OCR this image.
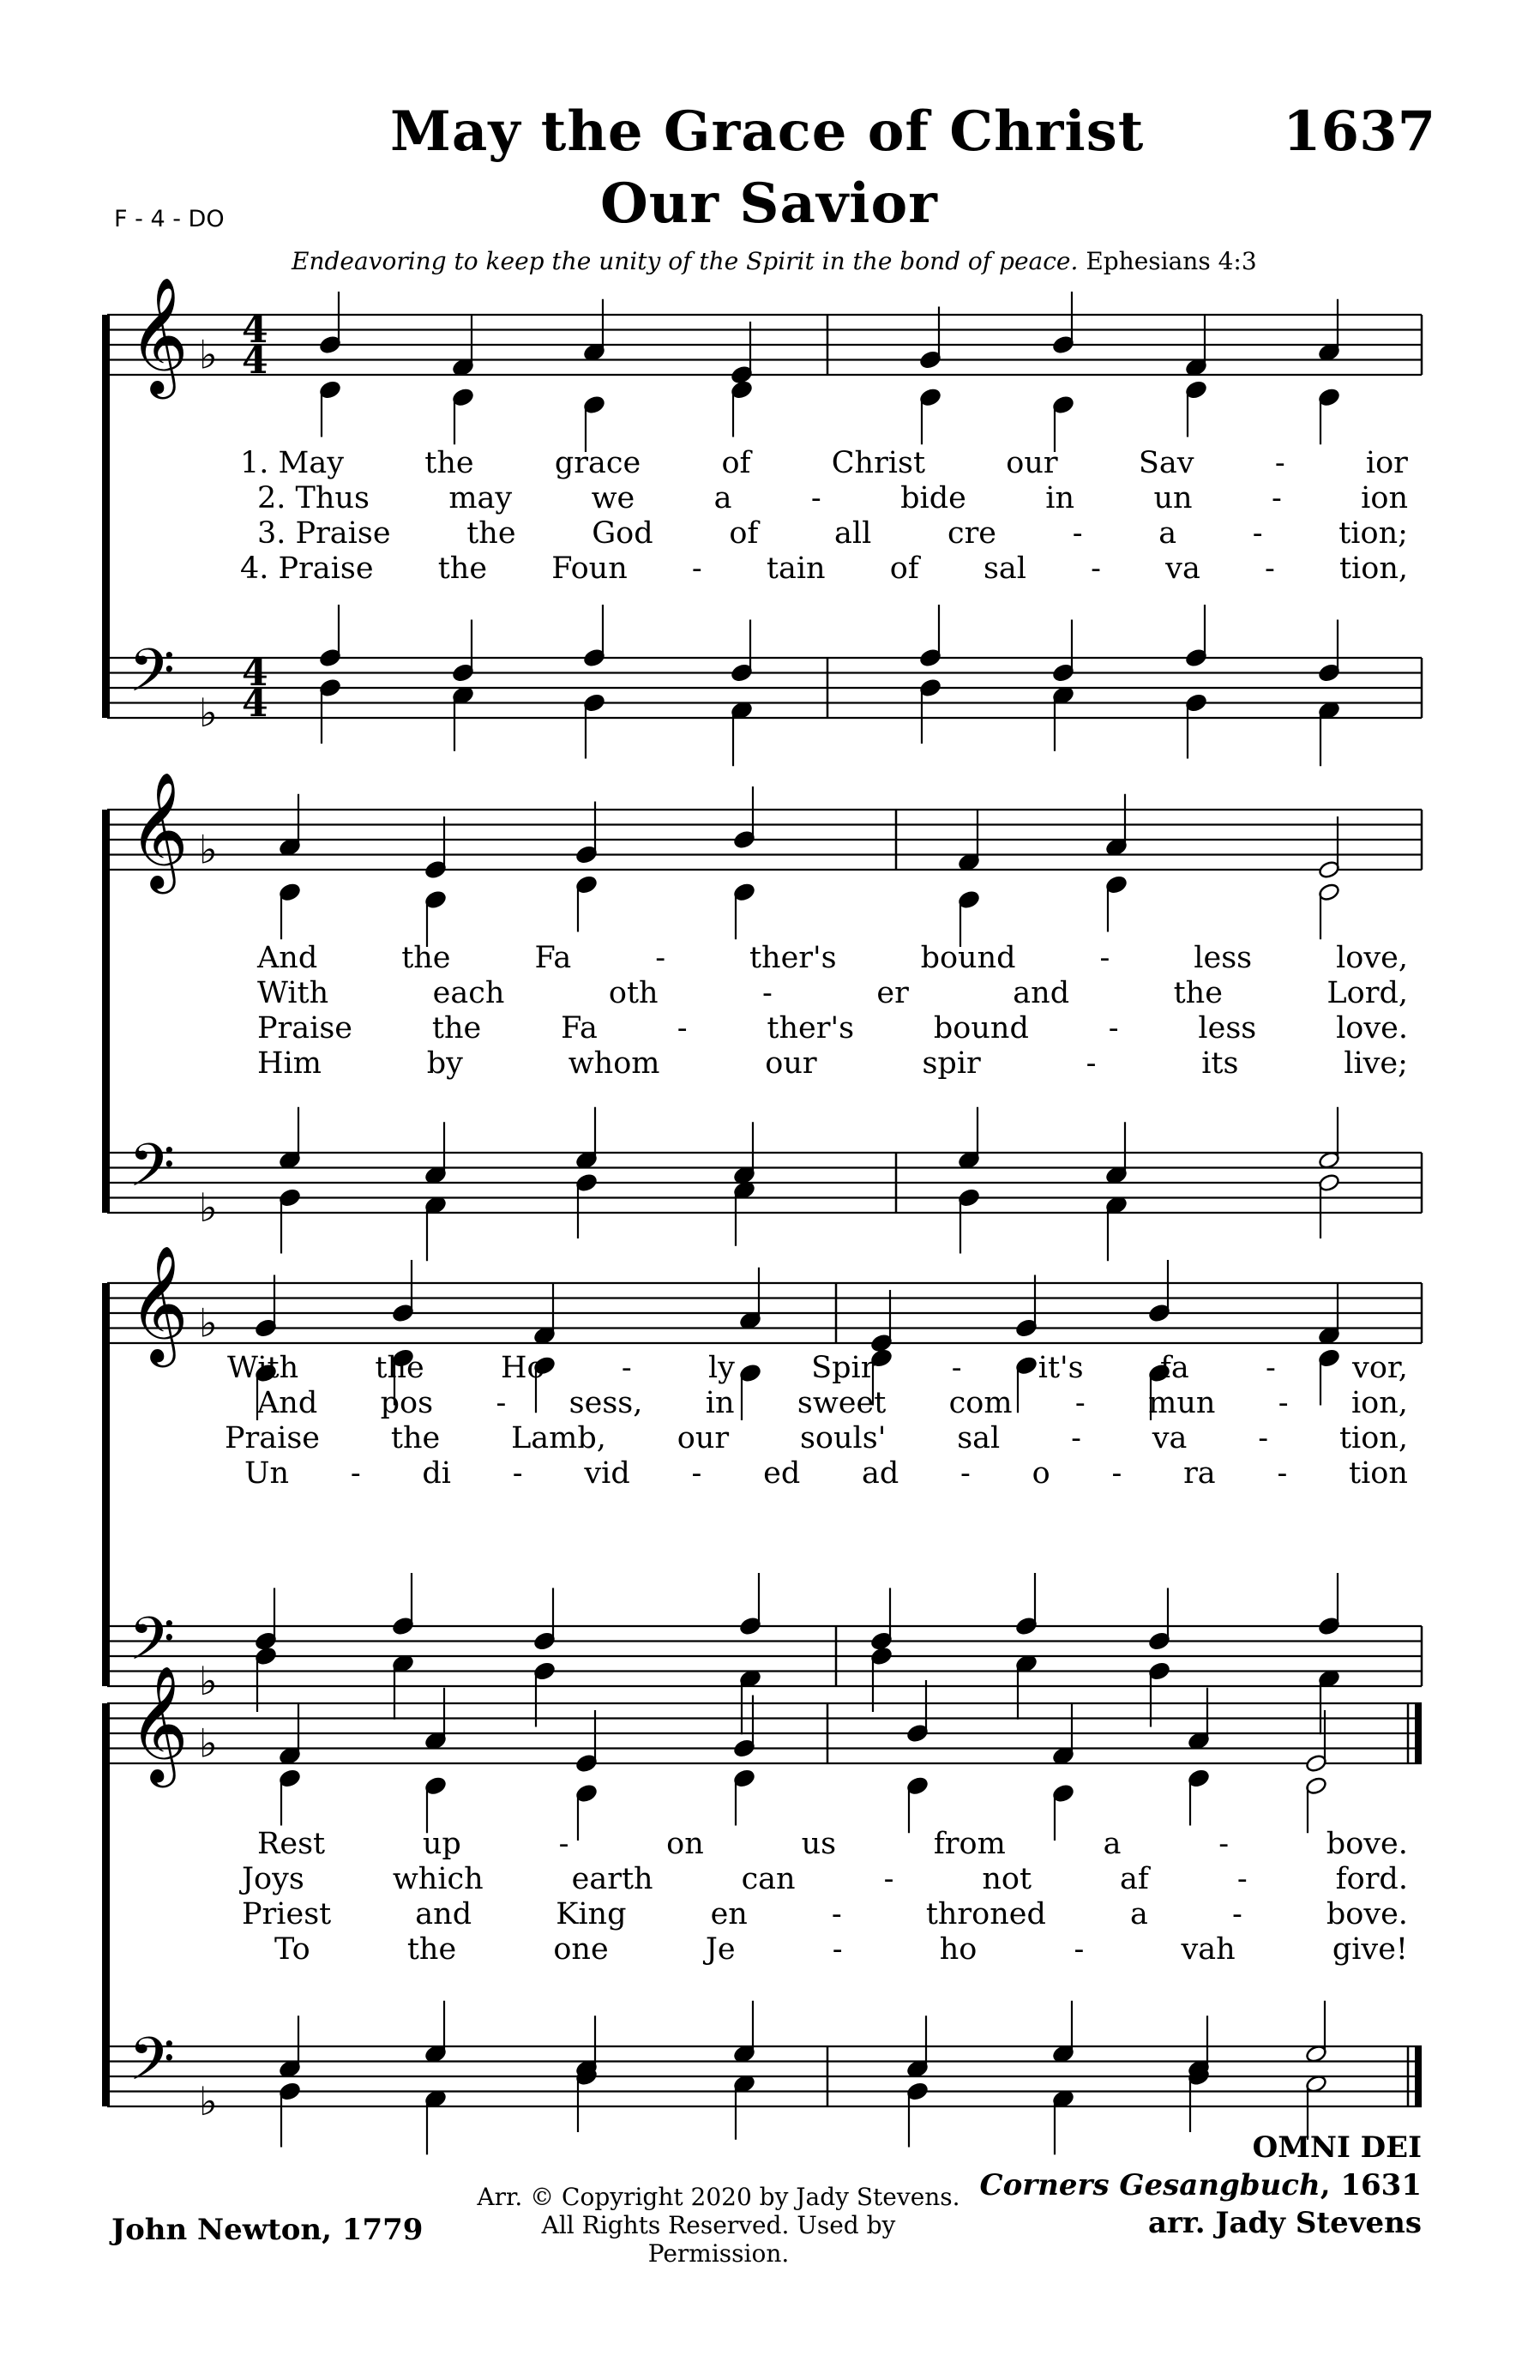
F - 4 - DO
May the Grace of Christ
Our Savior
1637
Endeavoring to keep the unity of the Spirit in the bond of peace. Ephesians 4:3
𝄞
𝄢
♭
♭
4
4
4
4
𝄞
𝄢
♭
♭
𝄞
𝄢
♭
♭
𝄞
𝄢
♭
♭
1. May	the	grace	of	Christ	our	Sav	-	ior
2. Thus	may	we	a	-	bide	in	un	-	ion
3. Praise	the	God	of	all	cre	-	a	-	tion;
4. Praise the Foun - tain of sal - va - tion,
And	the	Fa	-	ther's	bound	-	less	love,
With	each	oth	-	er	and	the	Lord,
Praise	the	Fa	-	ther's	bound	-	less	love.
Him	by	whom	our	spir	-	its	live;
With	the	Ho	-	ly	Spir	-	it's	fa	-	vor,
And pos - sess, in sweet com - mun - ion,
Praise the Lamb, our souls' sal - va - tion,
Un - di - vid - ed ad - o - ra - tion
Rest	up	-	on	us	from	a	-	bove.
Joys	which	earth	can	-	not	af	-	ford.
Priest	and	King	en	-	throned	a	-	bove.
To	the	one	Je	-	ho	-	vah	give!
John Newton, 1779
Arr. © Copyright 2020 by Jady Stevens.
All Rights Reserved. Used by Permission.
OMNI DEI
Corners Gesangbuch, 1631
arr. Jady Stevens
